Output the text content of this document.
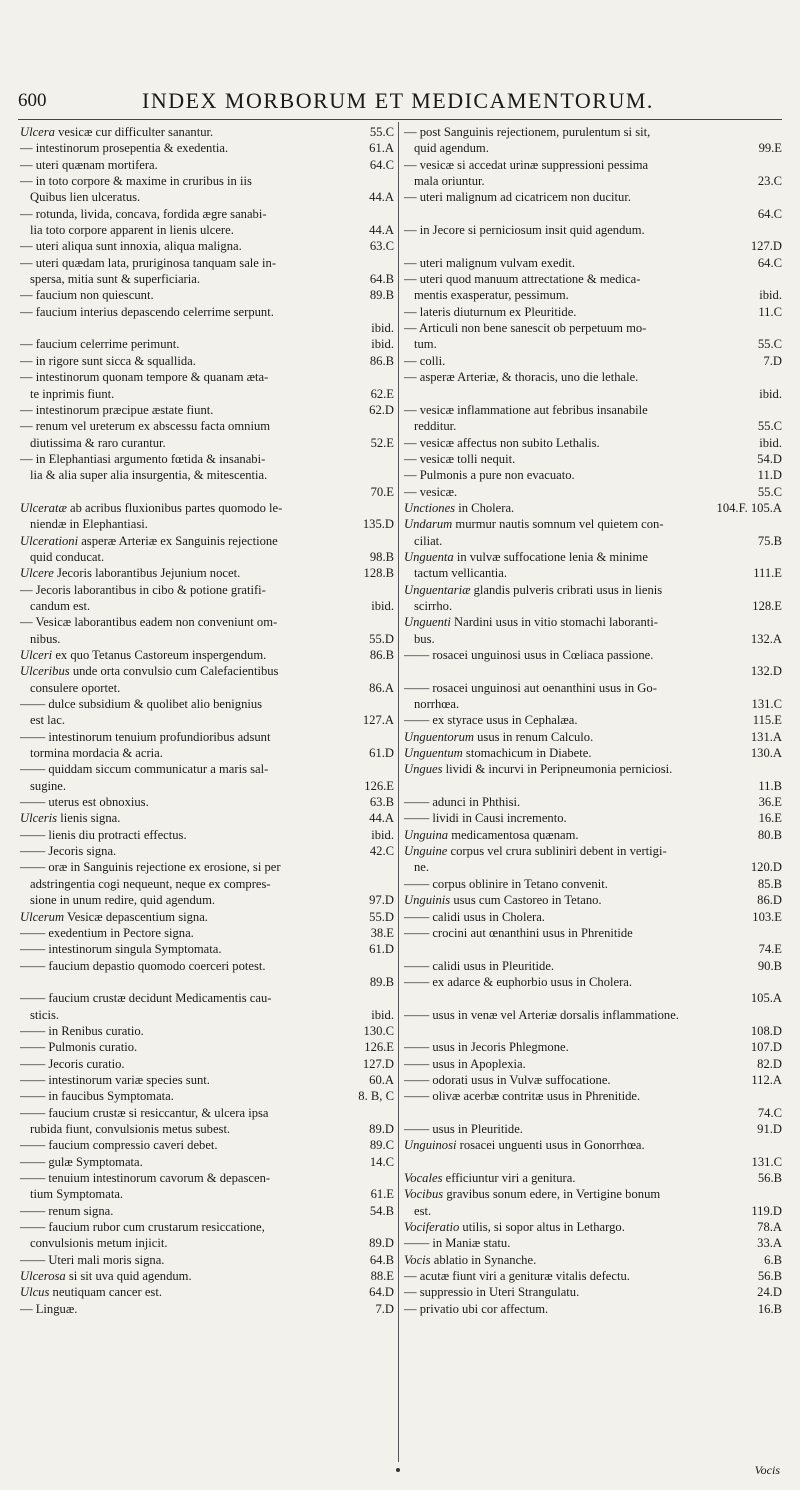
600	INDEX MORBORUM ET MEDICAMENTORUM.
Ulcera vesicæ cur difficulter sanantur.	55.C
— intestinorum prosepentia & exedentia.	61.A
— uteri quænam mortifera.	64.C
— in toto corpore & maxime in cruribus in iis
Quibus lien ulceratus.	44.A
— rotunda, livida, concava, fordida ægre sanabi-
lia toto corpore apparent in lienis ulcere.	44.A
— uteri aliqua sunt innoxia, aliqua maligna.	63.C
— uteri quædam lata, pruriginosa tanquam sale in-
spersa, mitia sunt & superficiaria.	64.B
— faucium non quiescunt.	89.B
— faucium interius depascendo celerrime serpunt.
ibid.
— faucium celerrime perimunt.	ibid.
— in rigore sunt sicca & squallida.	86.B
— intestinorum quonam tempore & quanam æta-
te inprimis fiunt.	62.E
— intestinorum præcipue æstate fiunt.	62.D
— renum vel ureterum ex abscessu facta omnium
diutissima & raro curantur.	52.E
— in Elephantiasi argumento fœtida & insanabi-
lia & alia super alia insurgentia, & mitescentia.
70.E
Ulceratæ ab acribus fluxionibus partes quomodo le-
niendæ in Elephantiasi.	135.D
Ulcerationi asperæ Arteriæ ex Sanguinis rejectione
quid conducat.	98.B
Ulcere Jecoris laborantibus Jejunium nocet.	128.B
— Jecoris laborantibus in cibo & potione gratifi-
candum est.	ibid.
— Vesicæ laborantibus eadem non conveniunt om-
nibus.	55.D
Ulceri ex quo Tetanus Castoreum inspergendum.	86.B
Ulceribus unde orta convulsio cum Calefacientibus
consulere oportet.	86.A
—— dulce subsidium & quolibet alio benignius
est lac.	127.A
—— intestinorum tenuium profundioribus adsunt
tormina mordacia & acria.	61.D
—— quiddam siccum communicatur a maris sal-
sugine.	126.E
—— uterus est obnoxius.	63.B
Ulceris lienis signa.	44.A
—— lienis diu protracti effectus.	ibid.
—— Jecoris signa.	42.C
—— oræ in Sanguinis rejectione ex erosione, si per
adstringentia cogi nequeunt, neque ex compres-
sione in unum redire, quid agendum.	97.D
Ulcerum Vesicæ depascentium signa.	55.D
—— exedentium in Pectore signa.	38.E
—— intestinorum singula Symptomata.	61.D
—— faucium depastio quomodo coerceri potest.
89.B
—— faucium crustæ decidunt Medicamentis cau-
sticis.	ibid.
—— in Renibus curatio.	130.C
—— Pulmonis curatio.	126.E
—— Jecoris curatio.	127.D
—— intestinorum variæ species sunt.	60.A
—— in faucibus Symptomata.	8. B, C
—— faucium crustæ si resiccantur, & ulcera ipsa
rubida fiunt, convulsionis metus subest.	89.D
—— faucium compressio caveri debet.	89.C
—— gulæ Symptomata.	14.C
—— tenuium intestinorum cavorum & depascen-
tium Symptomata.	61.E
—— renum signa.	54.B
—— faucium rubor cum crustarum resiccatione,
convulsionis metum injicit.	89.D
—— Uteri mali moris signa.	64.B
Ulcerosa si sit uva quid agendum.	88.E
Ulcus neutiquam cancer est.	64.D
— Linguæ.	7.D
— post Sanguinis rejectionem, purulentum si sit,
quid agendum.	99.E
— vesicæ si accedat urinæ suppressioni pessima
mala oriuntur.	23.C
— uteri malignum ad cicatricem non ducitur.
64.C
— in Jecore si perniciosum insit quid agendum.
127.D
— uteri malignum vulvam exedit.	64.C
— uteri quod manuum attrectatione & medica-
mentis exasperatur, pessimum.	ibid.
— lateris diuturnum ex Pleuritide.	11.C
— Articuli non bene sanescit ob perpetuum mo-
tum.	55.C
— colli.	7.D
— asperæ Arteriæ, & thoracis, uno die lethale.
ibid.
— vesicæ inflammatione aut febribus insanabile
redditur.	55.C
— vesicæ affectus non subito Lethalis.	ibid.
— vesicæ tolli nequit.	54.D
— Pulmonis a pure non evacuato.	11.D
— vesicæ.	55.C
Unctiones in Cholera.	104.F. 105.A
Undarum murmur nautis somnum vel quietem con-
ciliat.	75.B
Unguenta in vulvæ suffocatione lenia & minime
tactum vellicantia.	111.E
Unguentariæ glandis pulveris cribrati usus in lienis
scirrho.	128.E
Unguenti Nardini usus in vitio stomachi laboranti-
bus.	132.A
—— rosacei unguinosi usus in Cœliaca passione.
132.D
—— rosacei unguinosi aut oenanthini usus in Go-
norrhœa.	131.C
—— ex styrace usus in Cephalæa.	115.E
Unguentorum usus in renum Calculo.	131.A
Unguentum stomachicum in Diabete.	130.A
Ungues lividi & incurvi in Peripneumonia perniciosi.
11.B
—— adunci in Phthisi.	36.E
—— lividi in Causi incremento.	16.E
Unguina medicamentosa quænam.	80.B
Unguine corpus vel crura subliniri debent in vertigi-
ne.	120.D
—— corpus oblinire in Tetano convenit.	85.B
Unguinis usus cum Castoreo in Tetano.	86.D
—— calidi usus in Cholera.	103.E
—— crocini aut œnanthini usus in Phrenitide
74.E
—— calidi usus in Pleuritide.	90.B
—— ex adarce & euphorbio usus in Cholera.
105.A
—— usus in venæ vel Arteriæ dorsalis inflammatione.
108.D
—— usus in Jecoris Phlegmone.	107.D
—— usus in Apoplexia.	82.D
—— odorati usus in Vulvæ suffocatione.	112.A
—— olivæ acerbæ contritæ usus in Phrenitide.
74.C
—— usus in Pleuritide.	91.D
Unguinosi rosacei unguenti usus in Gonorrhœa.
131.C
Vocales efficiuntur viri a genitura.	56.B
Vocibus gravibus sonum edere, in Vertigine bonum
est.	119.D
Vociferatio utilis, si sopor altus in Lethargo.	78.A
—— in Maniæ statu.	33.A
Vocis ablatio in Synanche.	6.B
— acutæ fiunt viri a genituræ vitalis defectu.	56.B
— suppressio in Uteri Strangulatu.	24.D
— privatio ubi cor affectum.	16.B
Vocis
